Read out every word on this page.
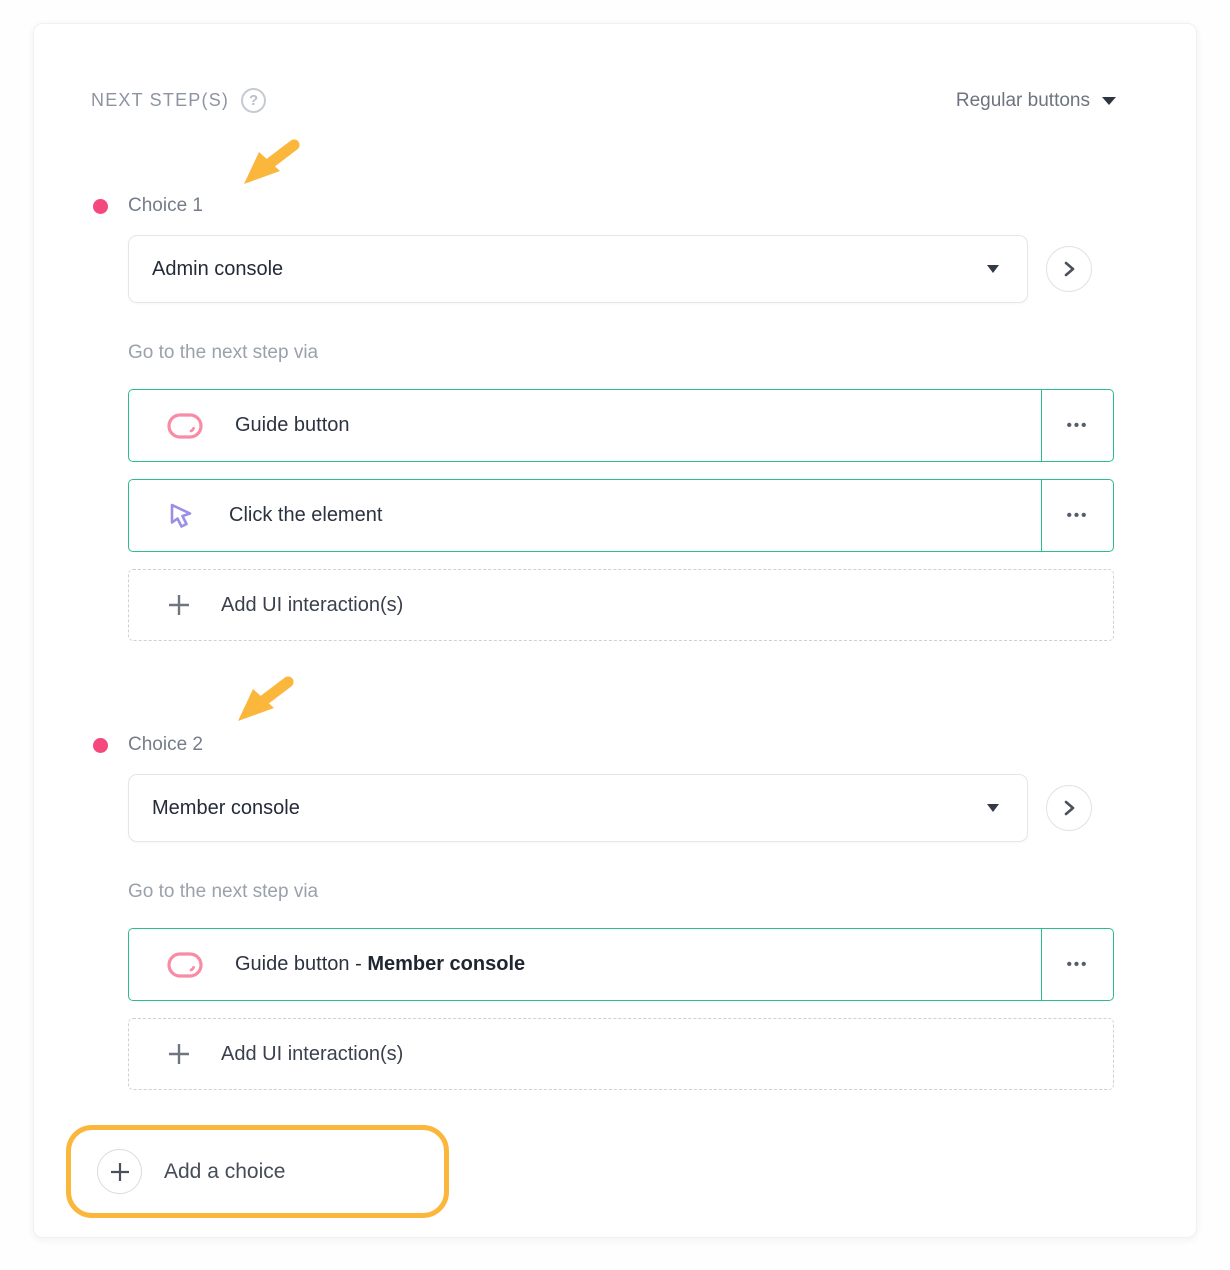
NEXT STEP(S)	?	Regular buttons
Choice 1
Admin console
Go to the next step via
Guide button	•••
Click the element	•••
Add UI interaction(s)
Choice 2
Member console
Go to the next step via
Guide button - Member console	•••
Add UI interaction(s)
Add a choice
